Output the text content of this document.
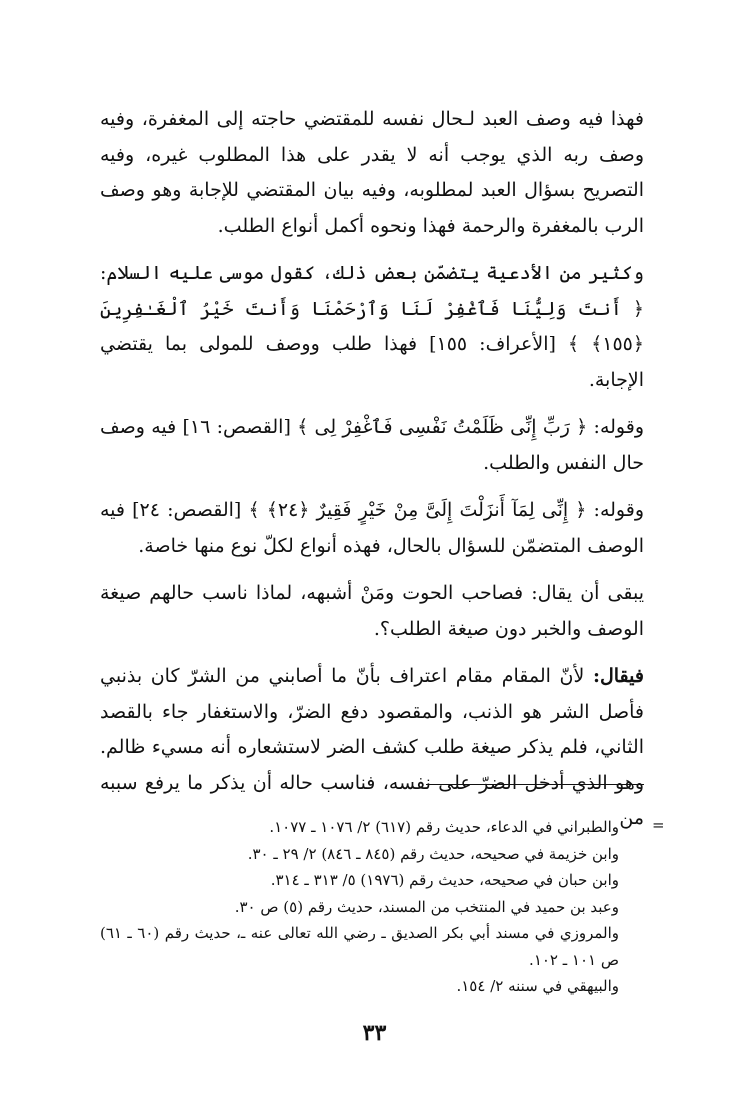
فهذا فيه وصف العبد لـحال نفسه للمقتضي حاجته إلى المغفرة، وفيه وصف ربه الذي يوجب أنه لا يقدر على هذا المطلوب غيره، وفيه التصريح بسؤال العبد لمطلوبه، وفيه بيان المقتضي للإجابة وهو وصف الرب بالمغفرة والرحمة فهذا ونحوه أكمل أنواع الطلب.

وكثير من الأدعية يتضمّن بعض ذلك، كقول موسى عليه السلام: ﴿ أَنتَ وَلِيُّنَا فَٱغْفِرْ لَنَا وَٱرْحَمْنَا وَأَنتَ خَيْرُ ٱلْغَـٰفِرِينَ ﴿١٥٥﴾ ﴾ [الأعراف: ١٥٥] فهذا طلب ووصف للمولى بما يقتضي الإجابة.

وقوله: ﴿ رَبِّ إِنِّى ظَلَمْتُ نَفْسِى فَٱغْفِرْ لِى ﴾ [القصص: ١٦] فيه وصف حال النفس والطلب.

وقوله: ﴿ إِنِّى لِمَآ أَنزَلْتَ إِلَىَّ مِنْ خَيْرٍ فَقِيرٌ ﴿٢٤﴾ ﴾ [القصص: ٢٤] فيه الوصف المتضمّن للسؤال بالحال، فهذه أنواع لكلّ نوع منها خاصة.

يبقى أن يقال: فصاحب الحوت ومَنْ أشبهه، لماذا ناسب حالهم صيغة الوصف والخبر دون صيغة الطلب؟.

فيقال: لأنّ المقام مقام اعتراف بأنّ ما أصابني من الشرّ كان بذنبي فأصل الشر هو الذنب، والمقصود دفع الضرّ، والاستغفار جاء بالقصد الثاني، فلم يذكر صيغة طلب كشف الضر لاستشعاره أنه مسيء ظالم. وهو الذي أدخل الضرّ على نفسه، فناسب حاله أن يذكر ما يرفع سببه من =
والطبراني في الدعاء، حديث رقم (٦١٧) ٢/ ١٠٧٦ ـ ١٠٧٧.
وابن خزيمة في صحيحه، حديث رقم (٨٤٥ ـ ٨٤٦) ٢/ ٢٩ ـ ٣٠.
وابن حبان في صحيحه، حديث رقم (١٩٧٦) ٥/ ٣١٣ ـ ٣١٤.
وعبد بن حميد في المنتخب من المسند، حديث رقم (٥) ص ٣٠.
والمروزي في مسند أبي بكر الصديق ـ رضي الله تعالى عنه ـ، حديث رقم (٦٠ ـ ٦١) ص ١٠١ ـ ١٠٢.
والبيهقي في سننه ٢/ ١٥٤.
٣٣
